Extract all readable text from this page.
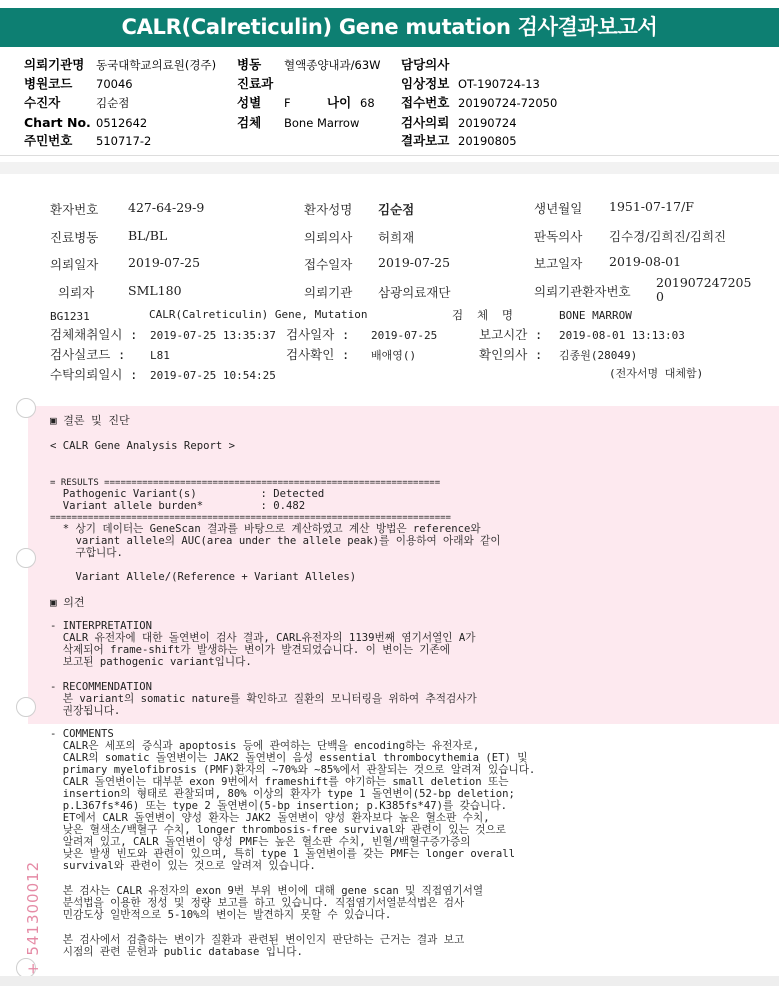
CALR(Calreticulin) Gene mutation 검사결과보고서
의뢰기관명 동국대학교의료원(경주) 병동 혈액종양내과/63W 담당의사
병원코드 70046	진료과	임상정보 OT-190724-13
수진자	김순점	성별 F	나이 68 접수번호 20190724-72050
Chart No. 0512642	검체 Bone Marrow	검사의뢰 20190724
주민번호 510717-2	결과보고 20190805
환자번호 427-64-29-9	환자성명 김순점	생년월일 1951-07-17/F
진료병동 BL/BL	의뢰의사 허희재	판독의사 김수경/김희진/김희진
의뢰일자 2019-07-25	접수일자 2019-07-25	보고일자 2019-08-01
의뢰자	SML180	의뢰기관 삼광의료재단	의뢰기관환자번호
201907247205
0
BG1231	CALR(Calreticulin) Gene, Mutation	검  체  명	BONE MARROW
검체채취일시 : 2019-07-25 13:35:37 검사일자 : 2019-07-25	보고시간 : 2019-08-01 13:13:03
검사실코드 : L81	검사확인 : 배애영()	확인의사 : 김종원(28049)
수탁의뢰일시 : 2019-07-25 10:54:25	(전자서명 대체함)
▣ 결론 및 진단
< CALR Gene Analysis Report >
= RESULTS ==============================================================
Pathogenic Variant(s)          : Detected
Variant allele burden*         : 0.482
==========================================================================
* 상기 데이터는 GeneScan 결과를 바탕으로 계산하였고 계산 방법은 reference와
variant allele의 AUC(area under the allele peak)를 이용하여 아래와 같이
구합니다.
Variant Allele/(Reference + Variant Alleles)
▣ 의견
- INTERPRETATION
CALR 유전자에 대한 돌연변이 검사 결과, CARL유전자의 1139번째 염기서열인 A가
삭제되어 frame-shift가 발생하는 변이가 발견되었습니다. 이 변이는 기존에
보고된 pathogenic variant입니다.
- RECOMMENDATION
본 variant의 somatic nature를 확인하고 질환의 모니터링을 위하여 추적검사가
권장됩니다.
- COMMENTS
CALR은 세포의 증식과 apoptosis 등에 관여하는 단백을 encoding하는 유전자로,
CALR의 somatic 돌연변이는 JAK2 돌연변이 음성 essential thrombocythemia (ET) 및
primary myelofibrosis (PMF)환자의 ~70%와 ~85%에서 관찰되는 것으로 알려져 있습니다.
CALR 돌연변이는 대부분 exon 9번에서 frameshift를 야기하는 small deletion 또는
insertion의 형태로 관찰되며, 80% 이상의 환자가 type 1 돌연변이(52-bp deletion;
p.L367fs*46) 또는 type 2 돌연변이(5-bp insertion; p.K385fs*47)를 갖습니다.
ET에서 CALR 돌연변이 양성 환자는 JAK2 돌연변이 양성 환자보다 높은 혈소판 수치,
낮은 혈색소/백혈구 수치, longer thrombosis-free survival와 관련이 있는 것으로
알려져 있고, CALR 돌연변이 양성 PMF는 높은 혈소판 수치, 빈혈/백혈구증가증의
낮은 발생 빈도와 관련이 있으며, 특히 type 1 돌연변이를 갖는 PMF는 longer overall
survival와 관련이 있는 것으로 알려져 있습니다.
본 검사는 CALR 유전자의 exon 9번 부위 변이에 대해 gene scan 및 직접염기서열
분석법을 이용한 정성 및 정량 보고를 하고 있습니다. 직접염기서열분석법은 검사
민감도상 일반적으로 5-10%의 변이는 발견하지 못할 수 있습니다.
본 검사에서 검출하는 변이가 질환과 관련된 변이인지 판단하는 근거는 결과 보고
시점의 관련 문헌과 public database 입니다.
+ 541300012
